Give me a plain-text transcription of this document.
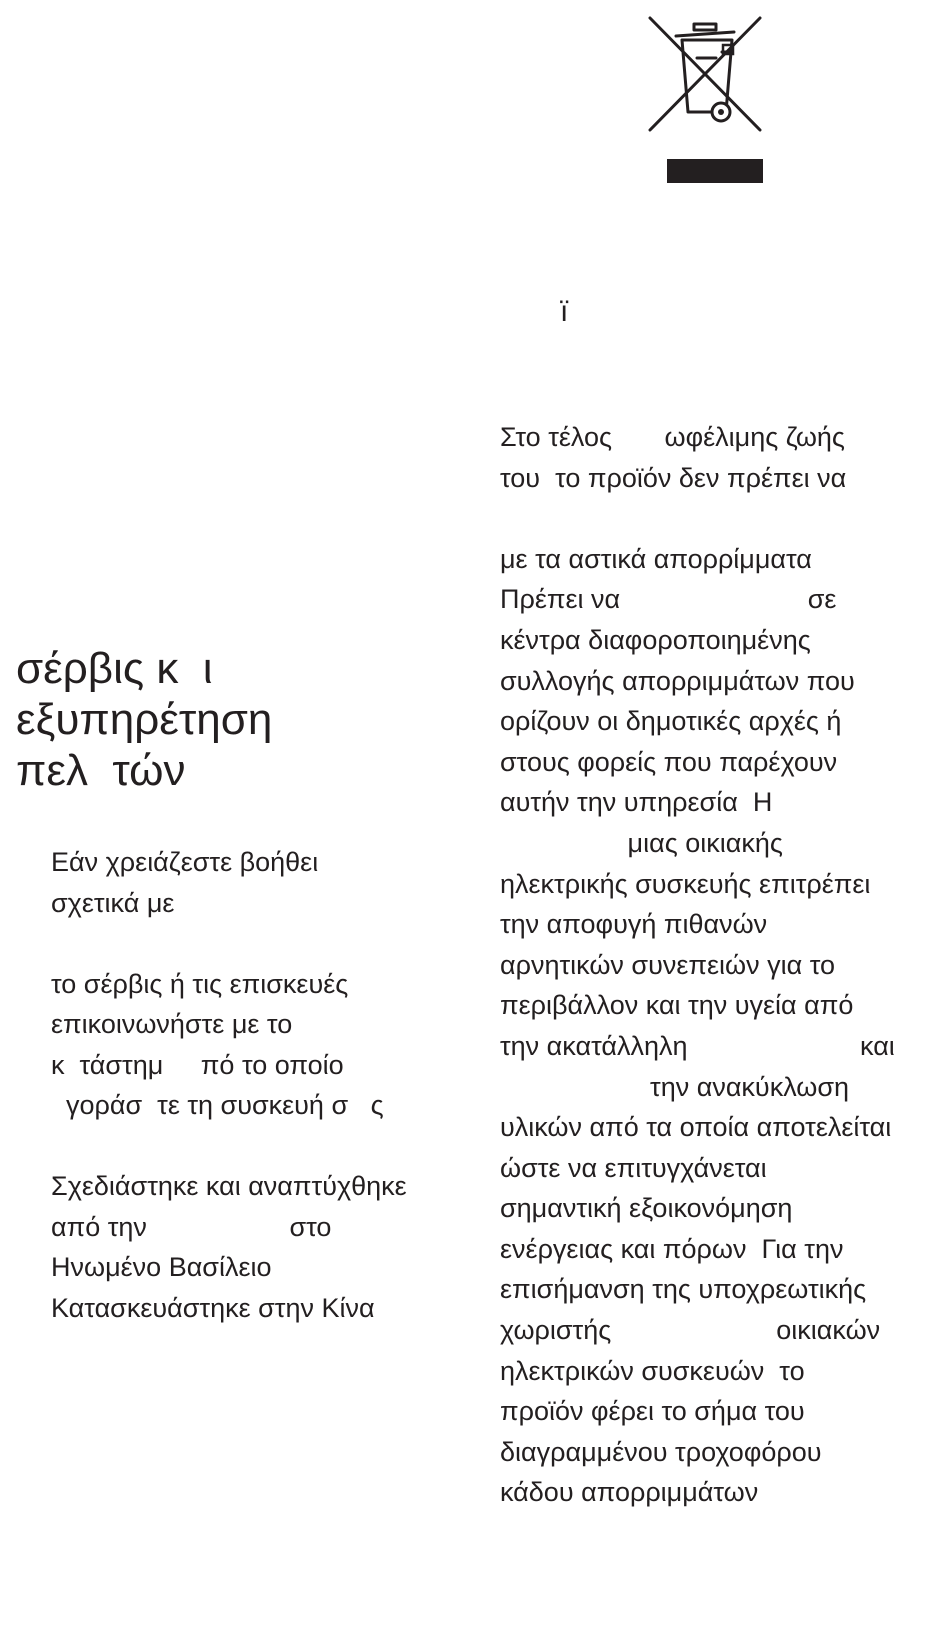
ï
Στο τέλος       ωφέλιμης ζωής
του  το προϊόν δεν πρέπει να
με τα αστικά απορρίμματα
Πρέπει να                         σε
κέντρα διαφοροποιημένης
συλλογής απορριμμάτων που
ορίζουν οι δημοτικές αρχές ή
στους φορείς που παρέχουν
αυτήν την υπηρεσία  Η
μιας οικιακής
ηλεκτρικής συσκευής επιτρέπει
την αποφυγή πιθανών
αρνητικών συνεπειών για το
περιβάλλον και την υγεία από
την ακατάλληλη                       και
την ανακύκλωση
υλικών από τα οποία αποτελείται
ώστε να επιτυγχάνεται
σημαντική εξοικονόμηση
ενέργειας και πόρων  Για την
επισήμανση της υποχρεωτικής
χωριστής                      οικιακών
ηλεκτρικών συσκευών  το
προϊόν φέρει το σήμα του
διαγραμμένου τροχοφόρου
κάδου απορριμμάτων
σέρβις κ  ι
εξυπηρέτηση
πελ  τών
Εάν χρειάζεστε βοήθει
σχετικά με
το σέρβις ή τις επισκευές
επικοινωνήστε με το
κ  τάστημ     πό το οποίο
γοράσ  τε τη συσκευή σ   ς
Σχεδιάστηκε και αναπτύχθηκε
από την                   στο
Ηνωμένο Βασίλειο
Κατασκευάστηκε στην Κίνα
